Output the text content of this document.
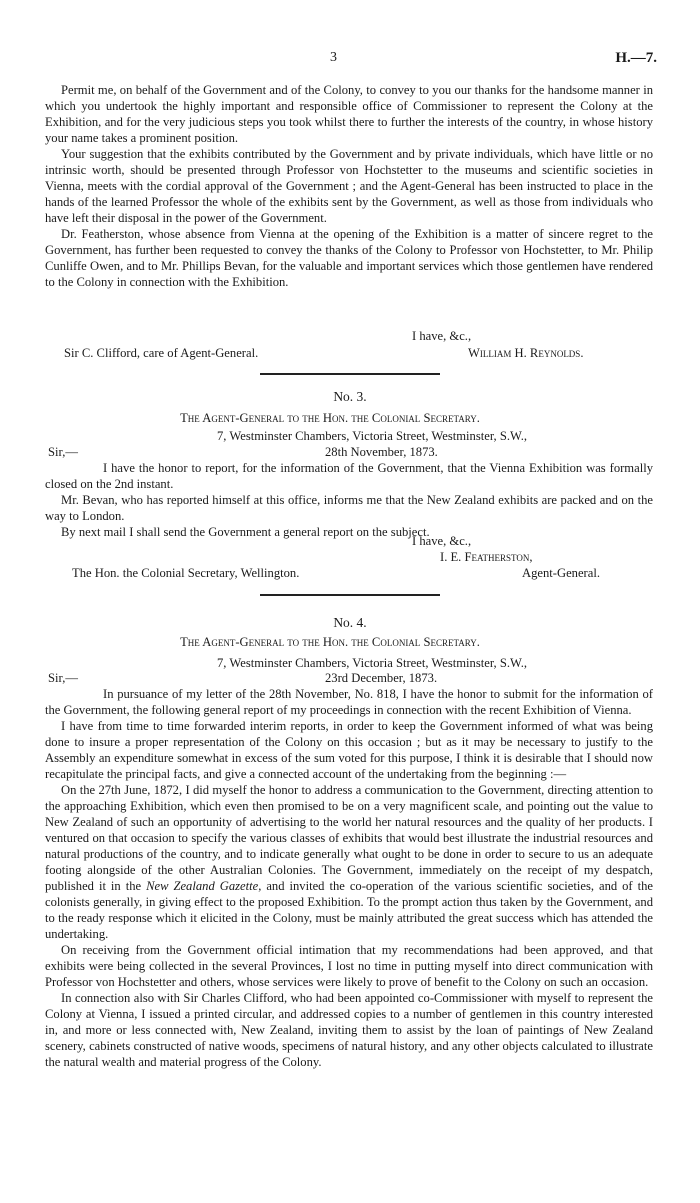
3	H.—7.

Permit me, on behalf of the Government and of the Colony, to convey to you our thanks for the handsome manner in which you undertook the highly important and responsible office of Commissioner to represent the Colony at the Exhibition, and for the very judicious steps you took whilst there to further the interests of the country, in whose history your name takes a prominent position.

Your suggestion that the exhibits contributed by the Government and by private individuals, which have little or no intrinsic worth, should be presented through Professor von Hochstetter to the museums and scientific societies in Vienna, meets with the cordial approval of the Government ; and the Agent-General has been instructed to place in the hands of the learned Professor the whole of the exhibits sent by the Government, as well as those from individuals who have left their disposal in the power of the Government.

Dr. Featherston, whose absence from Vienna at the opening of the Exhibition is a matter of sincere regret to the Government, has further been requested to convey the thanks of the Colony to Professor von Hochstetter, to Mr. Philip Cunliffe Owen, and to Mr. Phillips Bevan, for the valuable and important services which those gentlemen have rendered to the Colony in connection with the Exhibition.

I have, &c.,
Sir C. Clifford, care of Agent-General.	William H. Reynolds.
No. 3.
The Agent-General to the Hon. the Colonial Secretary.
7, Westminster Chambers, Victoria Street, Westminster, S.W.,
Sir,—	28th November, 1873.

I have the honor to report, for the information of the Government, that the Vienna Exhibition was formally closed on the 2nd instant.

Mr. Bevan, who has reported himself at this office, informs me that the New Zealand exhibits are packed and on the way to London.

By next mail I shall send the Government a general report on the subject.

I have, &c.,
I. E. Featherston,
The Hon. the Colonial Secretary, Wellington.	Agent-General.
No. 4.
The Agent-General to the Hon. the Colonial Secretary.
7, Westminster Chambers, Victoria Street, Westminster, S.W.,
Sir,—	23rd December, 1873.

In pursuance of my letter of the 28th November, No. 818, I have the honor to submit for the information of the Government, the following general report of my proceedings in connection with the recent Exhibition of Vienna.

I have from time to time forwarded interim reports, in order to keep the Government informed of what was being done to insure a proper representation of the Colony on this occasion ; but as it may be necessary to justify to the Assembly an expenditure somewhat in excess of the sum voted for this purpose, I think it is desirable that I should now recapitulate the principal facts, and give a connected account of the undertaking from the beginning :—

On the 27th June, 1872, I did myself the honor to address a communication to the Government, directing attention to the approaching Exhibition, which even then promised to be on a very magnificent scale, and pointing out the value to New Zealand of such an opportunity of advertising to the world her natural resources and the quality of her products. I ventured on that occasion to specify the various classes of exhibits that would best illustrate the industrial resources and natural productions of the country, and to indicate generally what ought to be done in order to secure to us an adequate footing alongside of the other Australian Colonies. The Government, immediately on the receipt of my despatch, published it in the New Zealand Gazette, and invited the co-operation of the various scientific societies, and of the colonists generally, in giving effect to the proposed Exhibition. To the prompt action thus taken by the Government, and to the ready response which it elicited in the Colony, must be mainly attributed the great success which has attended the undertaking.

On receiving from the Government official intimation that my recommendations had been approved, and that exhibits were being collected in the several Provinces, I lost no time in putting myself into direct communication with Professor von Hochstetter and others, whose services were likely to prove of benefit to the Colony on such an occasion.

In connection also with Sir Charles Clifford, who had been appointed co-Commissioner with myself to represent the Colony at Vienna, I issued a printed circular, and addressed copies to a number of gentlemen in this country interested in, and more or less connected with, New Zealand, inviting them to assist by the loan of paintings of New Zealand scenery, cabinets constructed of native woods, specimens of natural history, and any other objects calculated to illustrate the natural wealth and material progress of the Colony.
